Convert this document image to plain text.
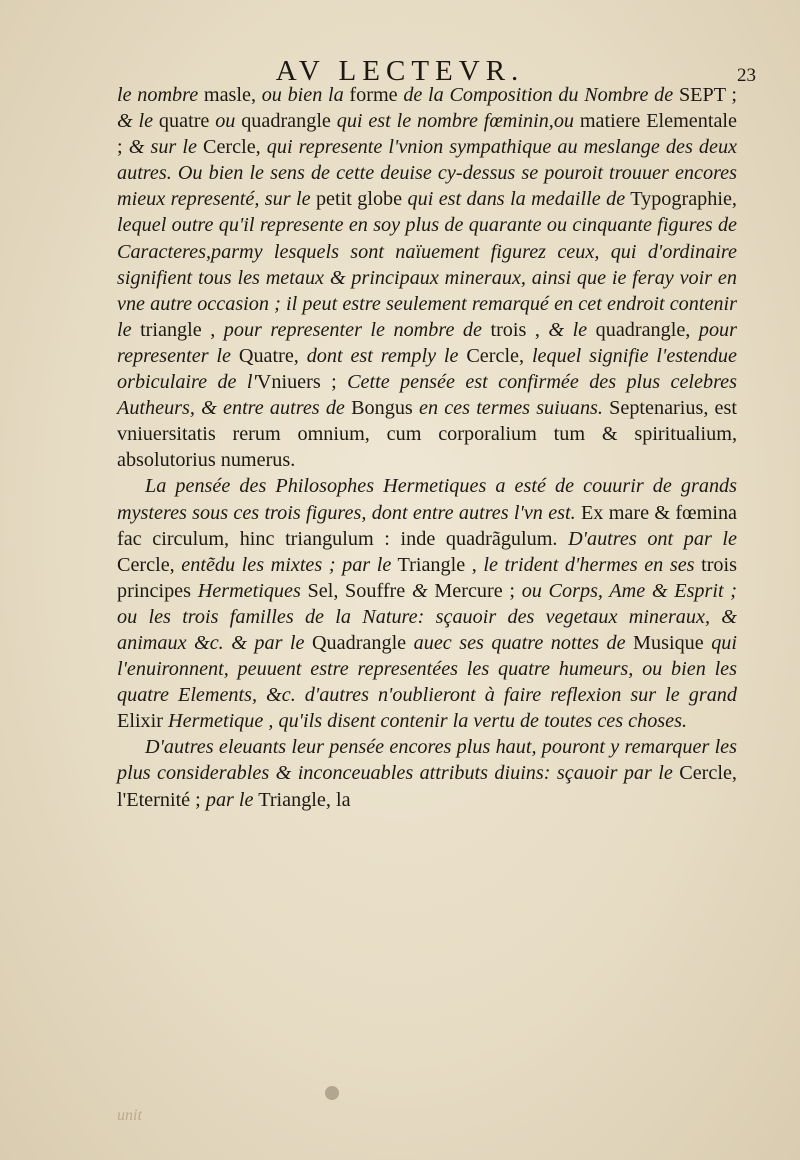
AV LECTEVR.	23

le nombre masle, ou bien la forme de la Composition du Nombre de SEPT ; & le quatre ou quadrangle qui est le nombre fœminin,ou matiere Elementale ; & sur le Cercle, qui represente l'vnion sympathique au meslange des deux autres. Ou bien le sens de cette deuise cy-dessus se pouroit trouuer encores mieux representé, sur le petit globe qui est dans la medaille de Typographie, lequel outre qu'il represente en soy plus de quarante ou cinquante figures de Caracteres,parmy lesquels sont naïuement figurez ceux, qui d'ordinaire signifient tous les metaux & principaux mineraux, ainsi que ie feray voir en vne autre occasion ; il peut estre seulement remarqué en cet endroit contenir le triangle , pour representer le nombre de trois , & le quadrangle, pour representer le Quatre, dont est remply le Cercle, lequel signifie l'estendue orbiculaire de l'Vniuers ; Cette pensée est confirmée des plus celebres Autheurs, & entre autres de Bongus en ces termes suiuans. Septenarius, est vniuersitatis rerum omnium, cum corporalium tum & spiritualium, absolutorius numerus.

La pensée des Philosophes Hermetiques a esté de couurir de grands mysteres sous ces trois figures, dont entre autres l'vn est. Ex mare & fœmina fac circulum, hinc triangulum : inde quadrãgulum. D'autres ont par le Cercle, entẽdu les mixtes ; par le Triangle , le trident d'hermes en ses trois principes Hermetiques Sel, Souffre & Mercure ; ou Corps, Ame & Esprit ; ou les trois familles de la Nature: sçauoir des vegetaux mineraux, & animaux &c. & par le Quadrangle auec ses quatre nottes de Musique qui l'enuironnent, peuuent estre representées les quatre humeurs, ou bien les quatre Elements, &c. d'autres n'oublieront à faire reflexion sur le grand Elixir Hermetique , qu'ils disent contenir la vertu de toutes ces choses.

D'autres eleuants leur pensée encores plus haut, pouront y remarquer les plus considerables & inconceuables attributs diuins: sçauoir par le Cercle, l'Eternité ; par le Triangle, la

unit
